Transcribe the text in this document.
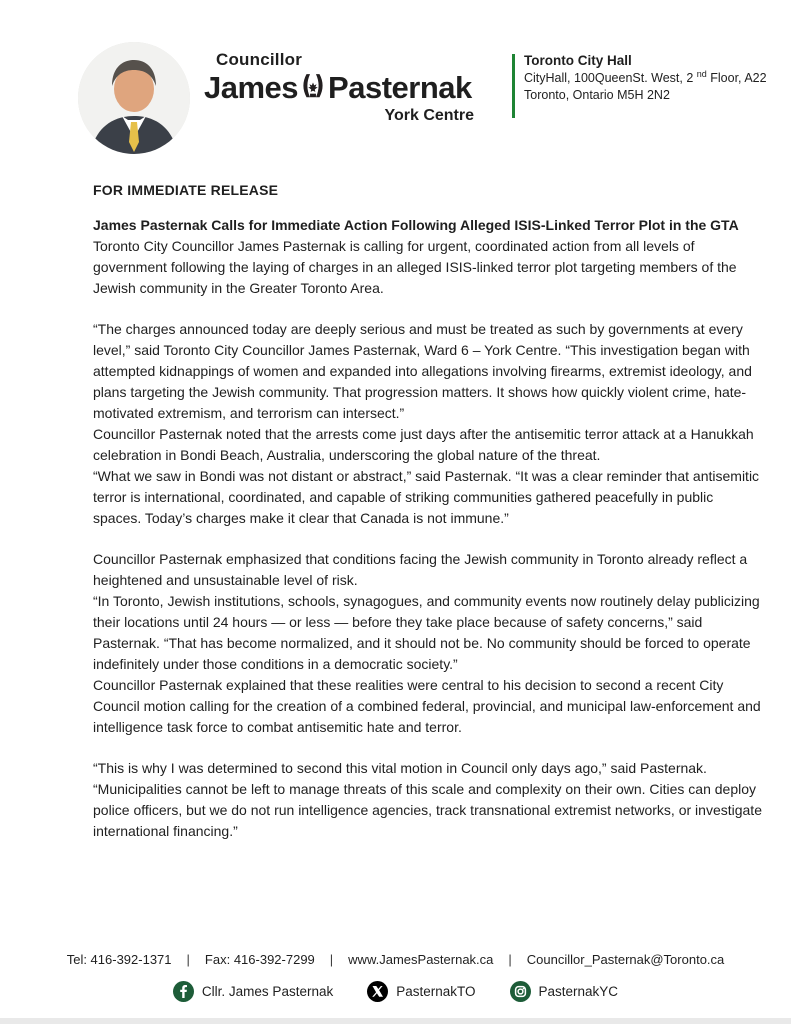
Councillor
James Pasternak
York Centre
Toronto City Hall
CityHall, 100QueenSt. West, 2 $^{nd}$ Floor, A22
Toronto, Ontario M5H 2N2
FOR IMMEDIATE RELEASE
James Pasternak Calls for Immediate Action Following Alleged ISIS-Linked Terror Plot in the GTA

Toronto City Councillor James Pasternak is calling for urgent, coordinated action from all levels of government following the laying of charges in an alleged ISIS-linked terror plot targeting members of the Jewish community in the Greater Toronto Area.

“The charges announced today are deeply serious and must be treated as such by governments at every level,” said Toronto City Councillor James Pasternak, Ward 6 – York Centre. “This investigation began with attempted kidnappings of women and expanded into allegations involving firearms, extremist ideology, and plans targeting the Jewish community. That progression matters. It shows how quickly violent crime, hate-motivated extremism, and terrorism can intersect.”

Councillor Pasternak noted that the arrests come just days after the antisemitic terror attack at a Hanukkah celebration in Bondi Beach, Australia, underscoring the global nature of the threat.

“What we saw in Bondi was not distant or abstract,” said Pasternak. “It was a clear reminder that antisemitic terror is international, coordinated, and capable of striking communities gathered peacefully in public spaces. Today’s charges make it clear that Canada is not immune.”

Councillor Pasternak emphasized that conditions facing the Jewish community in Toronto already reflect a heightened and unsustainable level of risk.

“In Toronto, Jewish institutions, schools, synagogues, and community events now routinely delay publicizing their locations until 24 hours — or less — before they take place because of safety concerns,” said Pasternak. “That has become normalized, and it should not be. No community should be forced to operate indefinitely under those conditions in a democratic society.”

Councillor Pasternak explained that these realities were central to his decision to second a recent City Council motion calling for the creation of a combined federal, provincial, and municipal law-enforcement and intelligence task force to combat antisemitic hate and terror.

“This is why I was determined to second this vital motion in Council only days ago,” said Pasternak. “Municipalities cannot be left to manage threats of this scale and complexity on their own. Cities can deploy police officers, but we do not run intelligence agencies, track transnational extremist networks, or investigate international financing.”

Tel: 416-392-1371 | Fax: 416-392-7299 | www.JamesPasternak.ca | Councillor_Pasternak@Toronto.ca
Cllr. James Pasternak	PasternakTO	PasternakYC
